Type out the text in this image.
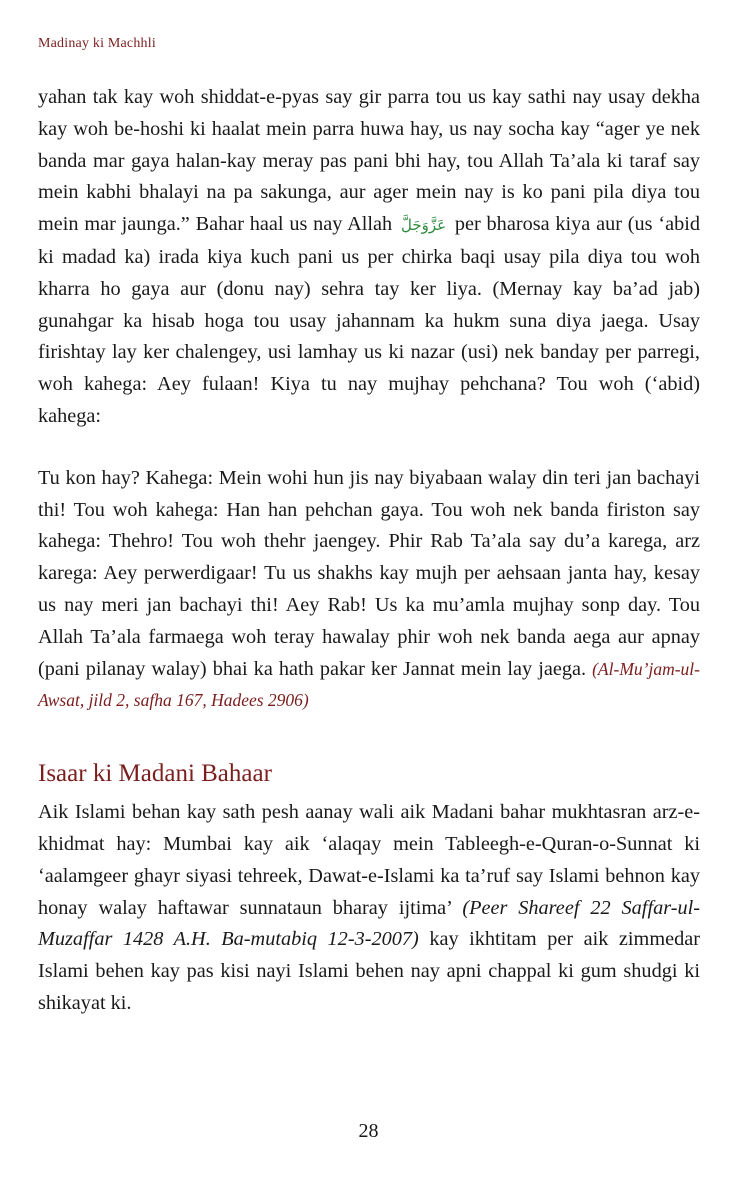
Madinay ki Machhli

yahan tak kay woh shiddat-e-pyas say gir parra tou us kay sathi nay usay dekha kay woh be-hoshi ki haalat mein parra huwa hay, us nay socha kay “ager ye nek banda mar gaya halan-kay meray pas pani bhi hay, tou Allah Ta’ala ki taraf say mein kabhi bhalayi na pa sakunga, aur ager mein nay is ko pani pila diya tou mein mar jaunga.” Bahar haal us nay Allah عَزَّوَجَلَّ per bharosa kiya aur (us ‘abid ki madad ka) irada kiya kuch pani us per chirka baqi usay pila diya tou woh kharra ho gaya aur (donu nay) sehra tay ker liya. (Mernay kay ba’ad jab) gunahgar ka hisab hoga tou usay jahannam ka hukm suna diya jaega. Usay firishtay lay ker chalengey, usi lamhay us ki nazar (usi) nek banday per parregi, woh kahega: Aey fulaan! Kiya tu nay mujhay pehchana? Tou woh (‘abid) kahega:

Tu kon hay? Kahega: Mein wohi hun jis nay biyabaan walay din teri jan bachayi thi! Tou woh kahega: Han han pehchan gaya. Tou woh nek banda firiston say kahega: Thehro! Tou woh thehr jaengey. Phir Rab Ta’ala say du’a karega, arz karega: Aey perwerdigaar! Tu us shakhs kay mujh per aehsaan janta hay, kesay us nay meri jan bachayi thi! Aey Rab! Us ka mu’amla mujhay sonp day. Tou Allah Ta’ala farmaega woh teray hawalay phir woh nek banda aega aur apnay (pani pilanay walay) bhai ka hath pakar ker Jannat mein lay jaega. (Al-Mu’jam-ul-Awsat, jild 2, safha 167, Hadees 2906)

Isaar ki Madani Bahaar

Aik Islami behan kay sath pesh aanay wali aik Madani bahar mukhtasran arz-e-khidmat hay: Mumbai kay aik ‘alaqay mein Tableegh-e-Quran-o-Sunnat ki ‘aalamgeer ghayr siyasi tehreek, Dawat-e-Islami ka ta’ruf say Islami behnon kay honay walay haftawar sunnataun bharay ijtima’ (Peer Shareef 22 Saffar-ul-Muzaffar 1428 A.H. Ba-mutabiq 12-3-2007) kay ikhtitam per aik zimmedar Islami behen kay pas kisi nayi Islami behen nay apni chappal ki gum shudgi ki shikayat ki.

28
